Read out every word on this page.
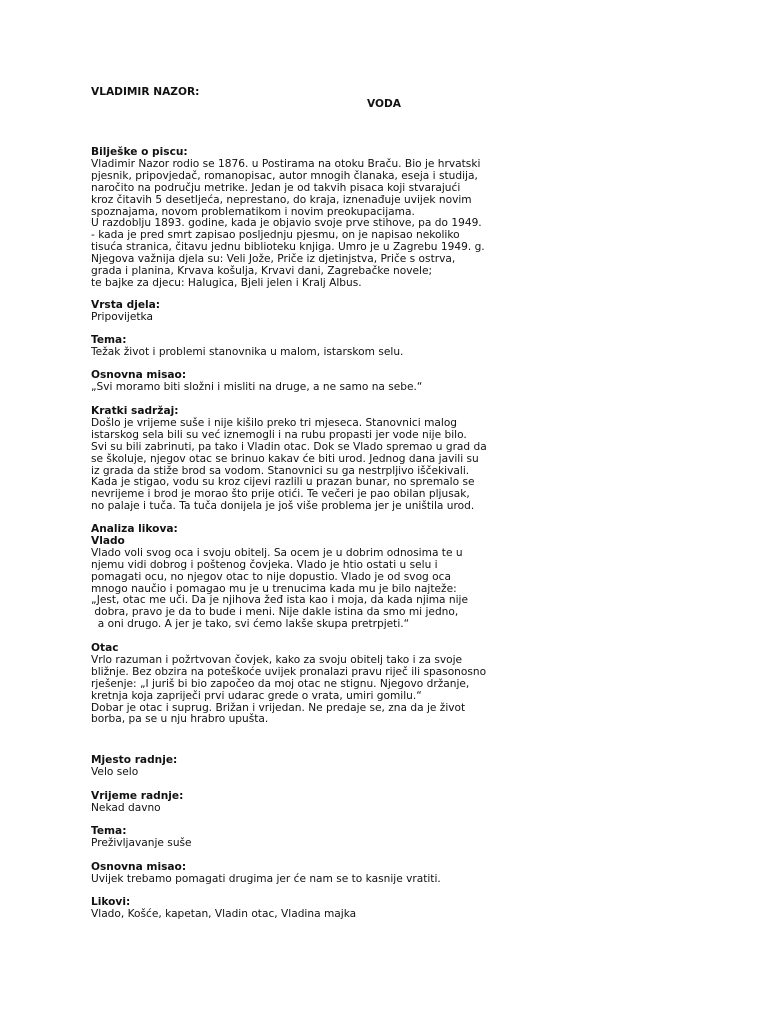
VLADIMIR NAZOR:
VODA
Bilješke o piscu:
Vladimir Nazor rodio se 1876. u Postirama na otoku Braču. Bio je hrvatski
pjesnik, pripovjedač, romanopisac, autor mnogih članaka, eseja i studija,
naročito na području metrike. Jedan je od takvih pisaca koji stvarajući
kroz čitavih 5 desetljeća, neprestano, do kraja, iznenađuje uvijek novim
spoznajama, novom problematikom i novim preokupacijama.
U razdoblju 1893. godine, kada je objavio svoje prve stihove, pa do 1949.
- kada je pred smrt zapisao posljednju pjesmu, on je napisao nekoliko
tisuća stranica, čitavu jednu biblioteku knjiga. Umro je u Zagrebu 1949. g.
Njegova važnija djela su: Veli Jože, Priče iz djetinjstva, Priče s ostrva,
grada i planina, Krvava košulja, Krvavi dani, Zagrebačke novele;
te bajke za djecu: Halugica, Bjeli jelen i Kralj Albus.
Vrsta djela:
Pripovijetka
Tema:
Težak život i problemi stanovnika u malom, istarskom selu.
Osnovna misao:
„Svi moramo biti složni i misliti na druge, a ne samo na sebe.“
Kratki sadržaj:
Došlo je vrijeme suše i nije kišilo preko tri mjeseca. Stanovnici malog
istarskog sela bili su već iznemogli i na rubu propasti jer vode nije bilo.
Svi su bili zabrinuti, pa tako i Vladin otac. Dok se Vlado spremao u grad da
se školuje, njegov otac se brinuo kakav će biti urod. Jednog dana javili su
iz grada da stiže brod sa vodom. Stanovnici su ga nestrpljivo iščekivali.
Kada je stigao, vodu su kroz cijevi razlili u prazan bunar, no spremalo se
nevrijeme i brod je morao što prije otići. Te večeri je pao obilan pljusak,
no palaje i tuča. Ta tuča donijela je još više problema jer je uništila urod.
Analiza likova:
Vlado
Vlado voli svog oca i svoju obitelj. Sa ocem je u dobrim odnosima te u
njemu vidi dobrog i poštenog čovjeka. Vlado je htio ostati u selu i
pomagati ocu, no njegov otac to nije dopustio. Vlado je od svog oca
mnogo naučio i pomagao mu je u trenucima kada mu je bilo najteže:
„Jest, otac me uči. Da je njihova žeđ ista kao i moja, da kada njima nije
dobra, pravo je da to bude i meni. Nije dakle istina da smo mi jedno,
a oni drugo. A jer je tako, svi ćemo lakše skupa pretrpjeti.“
Otac
Vrlo razuman i požrtvovan čovjek, kako za svoju obitelj tako i za svoje
bližnje. Bez obzira na poteškoće uvijek pronalazi pravu riječ ili spasonosno
rješenje: „I juriš bi bio započeo da moj otac ne stignu. Njegovo držanje,
kretnja koja zapriječi prvi udarac grede o vrata, umiri gomilu.“
Dobar je otac i suprug. Brižan i vrijedan. Ne predaje se, zna da je život
borba, pa se u nju hrabro upušta.
Mjesto radnje:
Velo selo
Vrijeme radnje:
Nekad davno
Tema:
Preživljavanje suše
Osnovna misao:
Uvijek trebamo pomagati drugima jer će nam se to kasnije vratiti.
Likovi:
Vlado, Košće, kapetan, Vladin otac, Vladina majka
